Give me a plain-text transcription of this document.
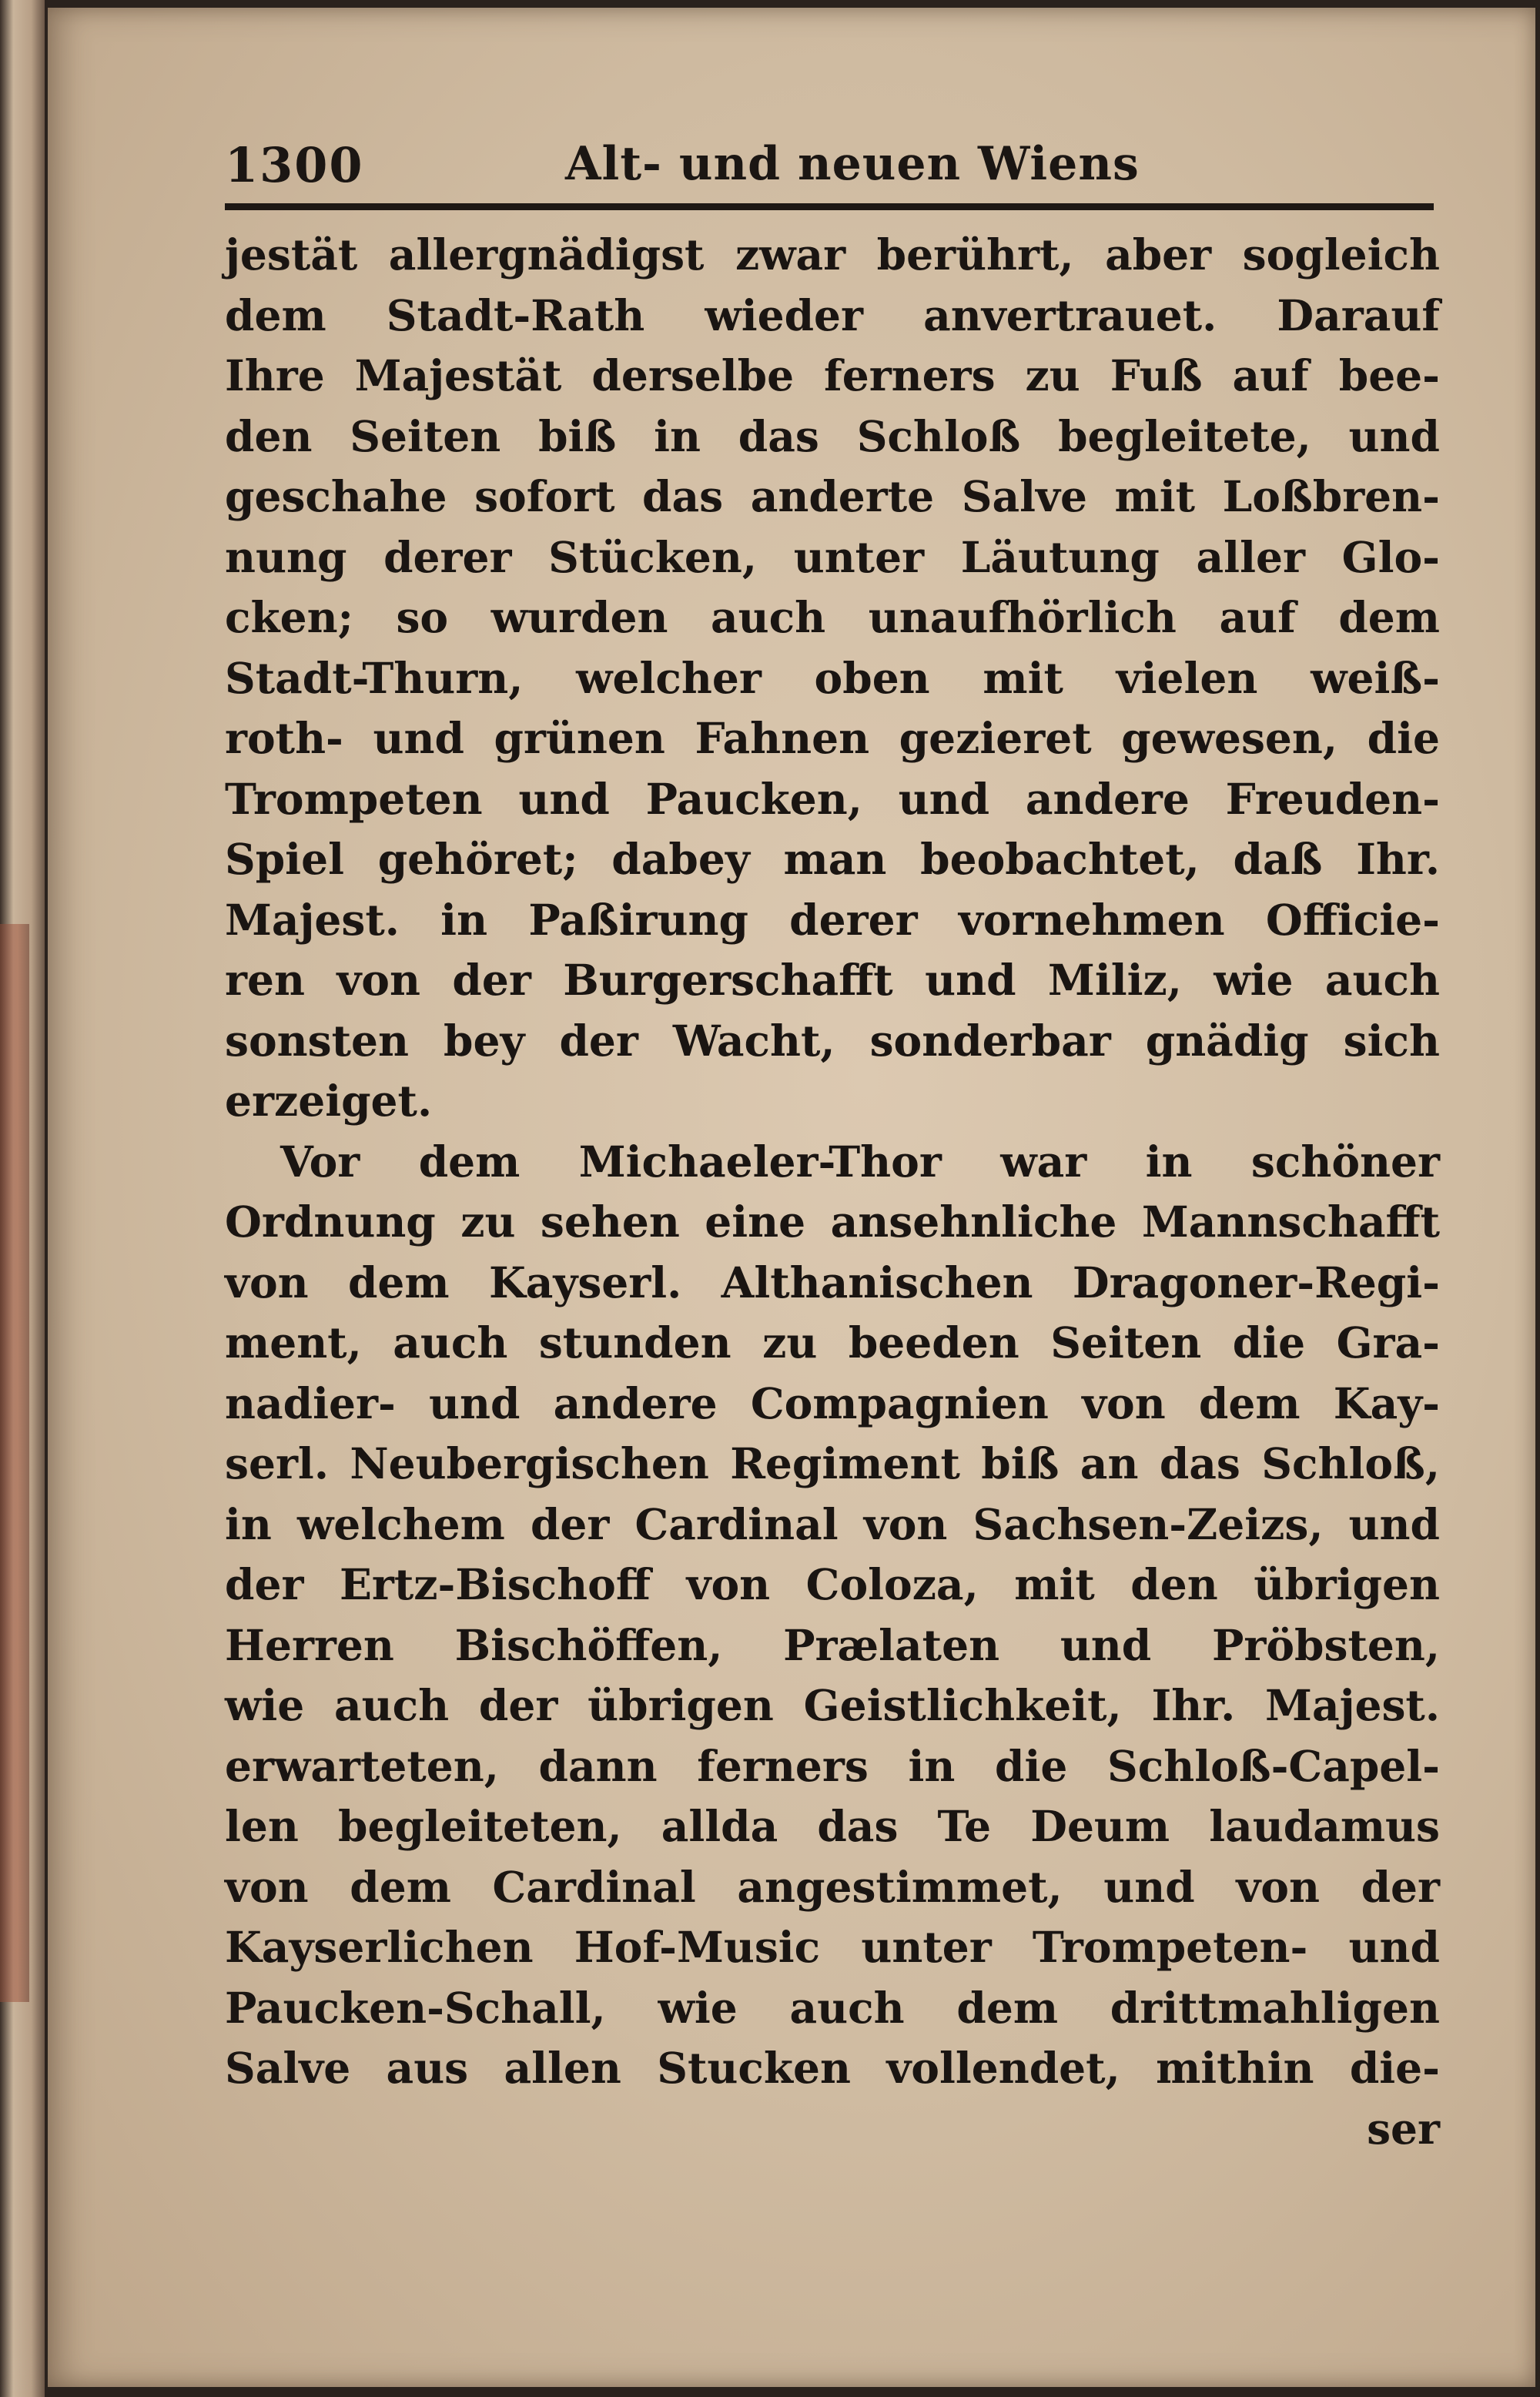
1300	Alt- und neuen Wiens
jestät allergnädigst zwar berührt, aber sogleich
dem Stadt-Rath wieder anvertrauet. Darauf
Ihre Majestät derselbe ferners zu Fuß auf bee-
den Seiten biß in das Schloß begleitete, und
geschahe sofort das anderte Salve mit Loßbren-
nung derer Stücken, unter Läutung aller Glo-
cken; so wurden auch unaufhörlich auf dem
Stadt-Thurn, welcher oben mit vielen weiß-
roth- und grünen Fahnen gezieret gewesen, die
Trompeten und Paucken, und andere Freuden-
Spiel gehöret; dabey man beobachtet, daß Ihr.
Majest. in Paßirung derer vornehmen Officie-
ren von der Burgerschafft und Miliz, wie auch
sonsten bey der Wacht, sonderbar gnädig sich
erzeiget.
Vor dem Michaeler-Thor war in schöner
Ordnung zu sehen eine ansehnliche Mannschafft
von dem Kayserl. Althanischen Dragoner-Regi-
ment, auch stunden zu beeden Seiten die Gra-
nadier- und andere Compagnien von dem Kay-
serl. Neubergischen Regiment biß an das Schloß,
in welchem der Cardinal von Sachsen-Zeizs, und
der Ertz-Bischoff von Coloza, mit den übrigen
Herren Bischöffen, Prælaten und Pröbsten,
wie auch der übrigen Geistlichkeit, Ihr. Majest.
erwarteten, dann ferners in die Schloß-Capel-
len begleiteten, allda das Te Deum laudamus
von dem Cardinal angestimmet, und von der
Kayserlichen Hof-Music unter Trompeten- und
Paucken-Schall, wie auch dem drittmahligen
Salve aus allen Stucken vollendet, mithin die-
ser
